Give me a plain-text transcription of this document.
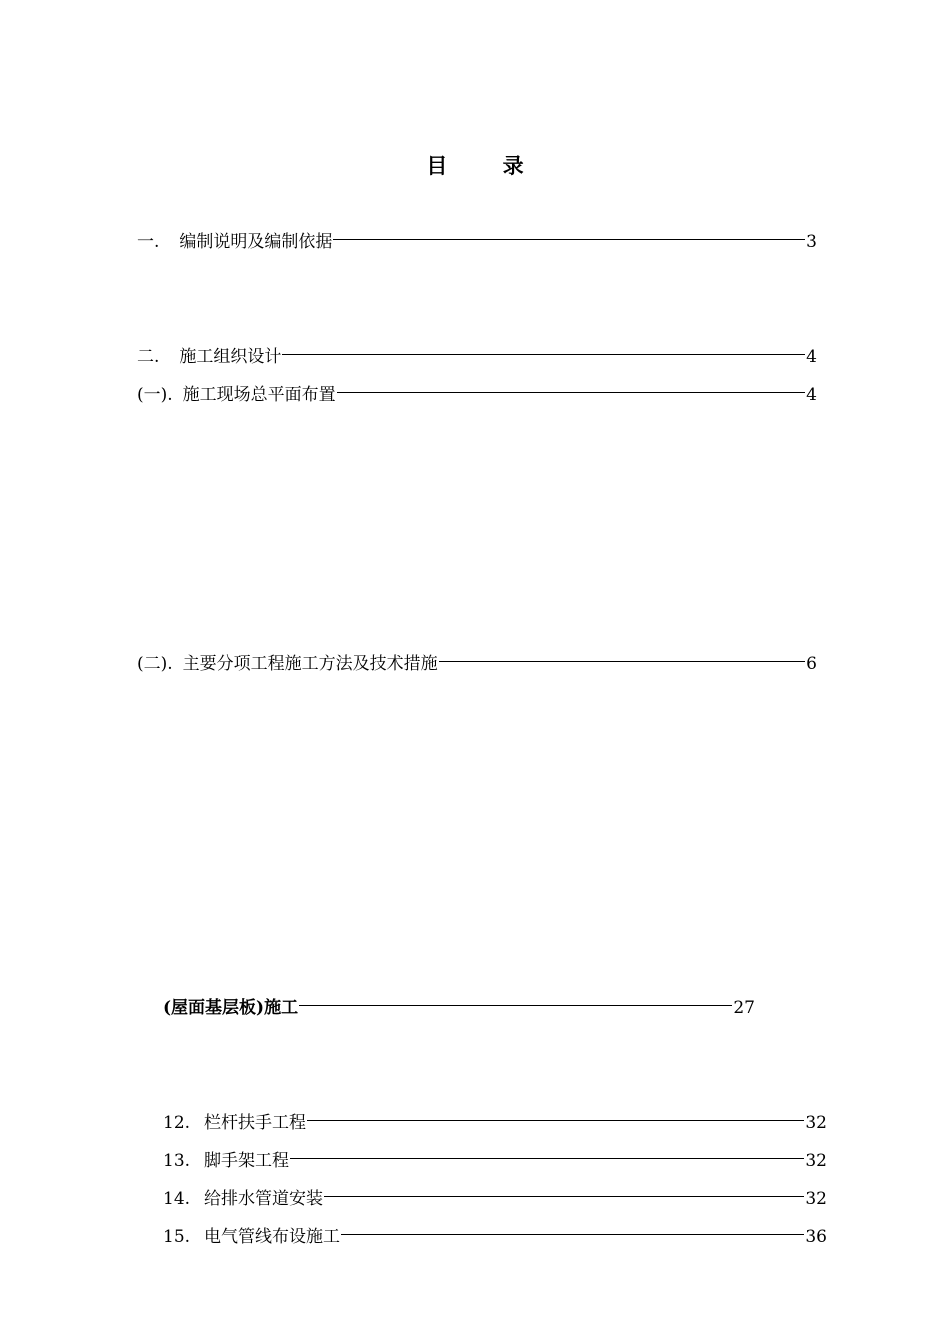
目 录
一. 编制说明及编制依据	3
二. 施工组织设计	4
(一). 施工现场总平面布置	4
(二). 主要分项工程施工方法及技术措施	6
(屋面基层板)施工	27
12. 栏杆扶手工程	32
13. 脚手架工程	32
14. 给排水管道安装	32
15. 电气管线布设施工	36
